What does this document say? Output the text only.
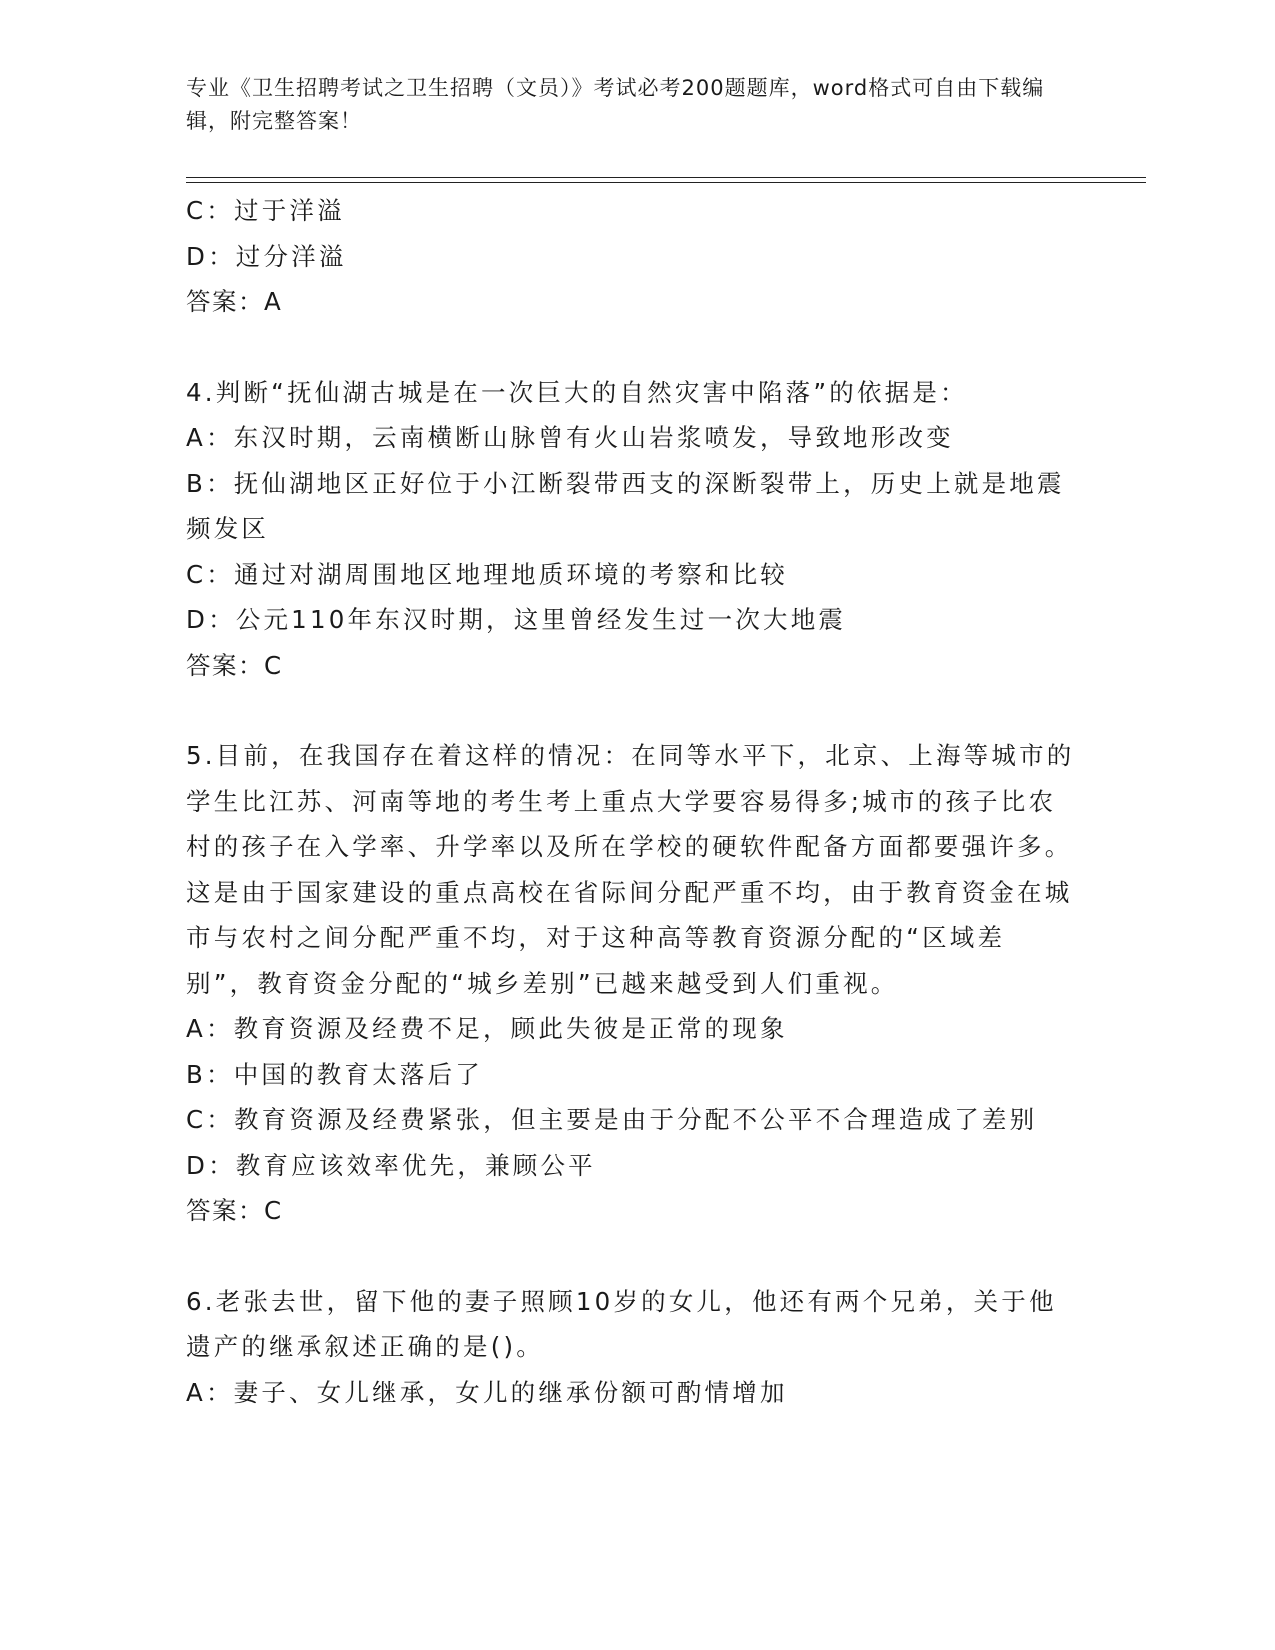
专业《卫生招聘考试之卫生招聘（文员）》考试必考200题题库，word格式可自由下载编辑，附完整答案！

C：过于洋溢

D：过分洋溢

答案：A

4.判断“抚仙湖古城是在一次巨大的自然灾害中陷落”的依据是：

A：东汉时期，云南横断山脉曾有火山岩浆喷发，导致地形改变

B：抚仙湖地区正好位于小江断裂带西支的深断裂带上，历史上就是地震频发区

C：通过对湖周围地区地理地质环境的考察和比较

D：公元110年东汉时期，这里曾经发生过一次大地震

答案：C

5.目前，在我国存在着这样的情况：在同等水平下，北京、上海等城市的学生比江苏、河南等地的考生考上重点大学要容易得多;城市的孩子比农村的孩子在入学率、升学率以及所在学校的硬软件配备方面都要强许多。这是由于国家建设的重点高校在省际间分配严重不均，由于教育资金在城市与农村之间分配严重不均，对于这种高等教育资源分配的“区域差别”，教育资金分配的“城乡差别”已越来越受到人们重视。

A：教育资源及经费不足，顾此失彼是正常的现象

B：中国的教育太落后了

C：教育资源及经费紧张，但主要是由于分配不公平不合理造成了差别

D：教育应该效率优先，兼顾公平

答案：C

6.老张去世，留下他的妻子照顾10岁的女儿，他还有两个兄弟，关于他遗产的继承叙述正确的是()。

A：妻子、女儿继承，女儿的继承份额可酌情增加
